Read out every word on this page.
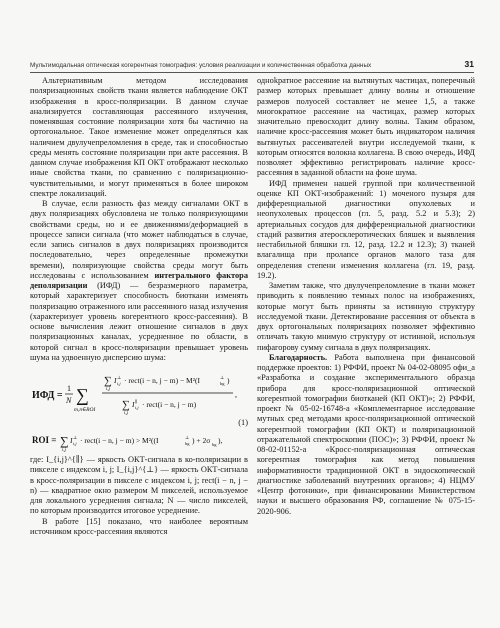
Мультимодальная оптическая когерентная томография: условия реализации и количественная обработка данных	31

Альтернативным методом исследования поляризационных свойств ткани является наблюдение ОКТ изображения в кросс-поляризации. В данном случае анализируется составляющая рассеянного излучения, поменявшая состояние поляризации хотя бы частично на ортогональное. Такое изменение может определяться как наличием двулучепреломления в среде, так и способностью среды менять состояние поляризации при акте рассеяния. В данном случае изображения КП ОКТ отображают несколько иные свойства ткани, по сравнению с поляризационно-чувствительными, и могут применяться в более широком спектре локализаций.

В случае, если разность фаз между сигналами ОКТ в двух поляризациях обусловлена не только поляризующими свойствами среды, но и ее движениями/деформацией в процессе записи сигнала (что может наблюдаться в случае, если запись сигналов в двух поляризациях производится последовательно, через определенные промежутки времени), поляризующие свойства среды могут быть исследованы с использованием интегрального фактора деполяризации (ИФД) — безразмерного параметра, который характеризует способность биоткани изменять поляризацию отраженного или рассеянного назад излучения (характеризует уровень когерентного кросс-рассеяния). В основе вычисления лежит отношение сигналов в двух поляризационных каналах, усредненное по области, в которой сигнал в кросс-поляризации превышает уровень шума на удвоенную дисперсию шума:

ИФД =
1
N ∑
m,n∈ROI
∑
i,j
I ⊥
i,j · rect(i − n, j − m) − M²(I	⊥
bg )
∑
i,j
I ∥
i,j · rect(i − n, j − m)
,
(1)
ROI = ∑
i,j
I ⊥
i,j · rect(i − n, j − m) > M²((I	⊥
bg ) + 2σ bg ),

где: I_{i,j}^{∥} — яркость ОКТ-сигнала в ко-поляризации в пикселе с индексом i, j; I_{i,j}^{⊥} — яркость ОКТ-сигнала в кросс-поляризации в пикселе с индексом i, j; rect(i − n, j − n) — квадратное окно размером M пикселей, используемое для локального усреднения сигнала; N — число пикселей, по которым производится итоговое усреднение.

В работе [15] показано, что наиболее вероятным источником кросс-рассеяния являются

одноkратное рассеяние на вытянутых частицах, поперечный размер которых превышает длину волны и отношение размеров полуосей составляет не менее 1,5, а также многократное рассеяние на частицах, размер которых значительно превосходит длину волны. Таким образом, наличие кросс-рассеяния может быть индикатором наличия вытянутых рассеивателей внутри исследуемой ткани, к которым относятся волокна коллагена. В свою очередь, ИФД позволяет эффективно регистрировать наличие кросс-рассеяния в заданной области на фоне шума.

ИФД применен нашей группой при количественной оценке КП ОКТ-изображений: 1) моченого пузыря для дифференциальной диагностики опухолевых и неопухолевых процессов (гл. 5, разд. 5.2 и 5.3); 2) артериальных сосудов для дифференциальной диагностики стадий развития атеросклеротических бляшек и выявления нестабильной бляшки гл. 12, разд. 12.2 и 12.3); 3) тканей влагалища при пролапсе органов малого таза для определения степени изменения коллагена (гл. 19, разд. 19.2).

Заметим также, что двулучепреломление в ткани может приводить к появлению темных полос на изображениях, которые могут быть приняты за истинную структуру исследуемой ткани. Детектирование рассеяния от объекта в двух ортогональных поляризациях позволяет эффективно отличать такую мнимую структуру от истинной, используя пифагорову сумму сигнала в двух поляризациях.

Благодарность. Работа выполнена при финансовой поддержке проектов: 1) РФФИ, проект № 04-02-08095 офи_а «Разработка и создание экспериментального образца прибора для кросс-поляризационной оптической когерентной томографии биотканей (КП ОКТ)»; 2) РФФИ, проект № 05-02-16748-а «Комплементарное исследование мутных сред методами кросс-поляризационной оптической когерентной томографии (КП ОКТ) и поляризационной отражательной спектроскопии (ПОС)»; 3) РФФИ, проект № 08-02-01152-а «Кросс-поляризационная оптическая когерентная томография как метод повышения информативности традиционной ОКТ в эндоскопической диагностике заболеваний внутренних органов»; 4) НЦМУ «Центр фотоники», при финансировании Министерством науки и высшего образования РФ, соглашение № 075-15-2020-906.
